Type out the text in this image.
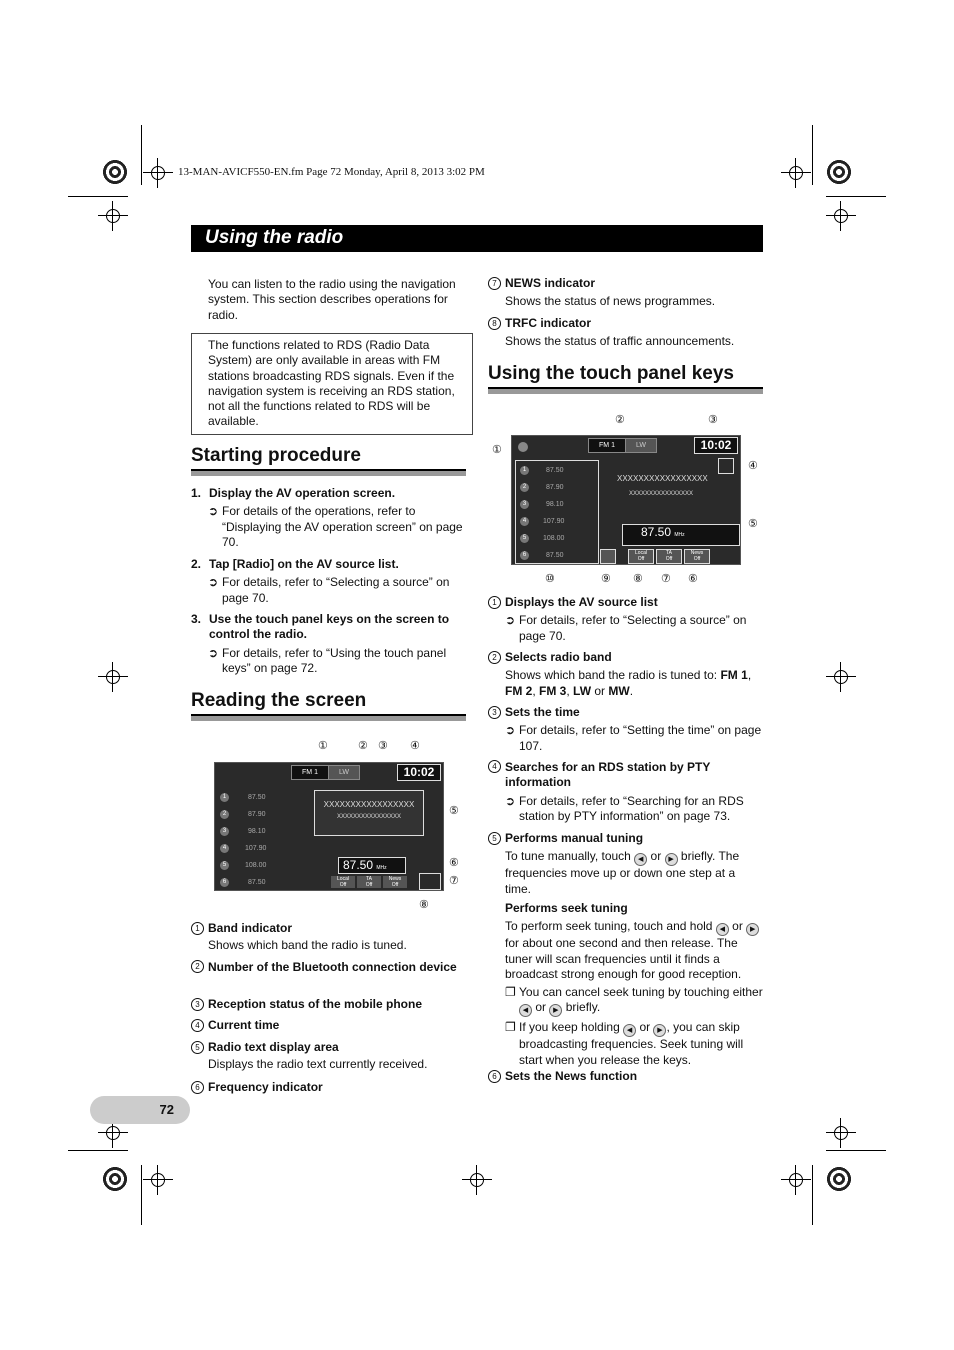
13-MAN-AVICF550-EN.fm Page 72 Monday, April 8, 2013 3:02 PM
Using the radio
You can listen to the radio using the navigation system. This section describes operations for radio.
The functions related to RDS (Radio Data System) are only available in areas with FM stations broadcasting RDS signals. Even if the navigation system is receiving an RDS station, not all the functions related to RDS will be available.
Starting procedure
1. Display the AV operation screen.
➲ For details of the operations, refer to “Displaying the AV operation screen” on page 70.
2. Tap [Radio] on the AV source list.
➲ For details, refer to “Selecting a source” on page 70.
3. Use the touch panel keys on the screen to control the radio.
➲ For details, refer to “Using the touch panel keys” on page 72.
Reading the screen
FM 1	LW	10:02
XXXXXXXXXXXXXXXXX
XXXXXXXXXXXXXXXX
87.50 MHz
1
2
3
4
5
6
87.50
87.90
98.10
107.90
108.00
87.50	Local
Off
TA
Off
News
Off
①	② ③ ④
⑤
⑥
⑦
⑧
1 Band indicator
Shows which band the radio is tuned.
2 Number of the Bluetooth connection device
3 Reception status of the mobile phone
4 Current time
5 Radio text display area
Displays the radio text currently received.
6 Frequency indicator
7 NEWS indicator
Shows the status of news programmes.
8 TRFC indicator
Shows the status of traffic announcements.
Using the touch panel keys
FM 1	LW	10:02
XXXXXXXXXXXXXXXXX
XXXXXXXXXXXXXXXX
87.50 MHz
1
2
3
4
5
6
87.50
87.90
98.10
107.90
108.00
87.50	Local
Off
TA
Off
News
Off
①
②	③
④
⑤
⑥
⑦
⑧
⑨
⑩
1 Displays the AV source list
➲ For details, refer to “Selecting a source” on page 70.
2 Selects radio band
Shows which band the radio is tuned to: FM 1, FM 2, FM 3, LW or MW.
3 Sets the time
➲ For details, refer to “Setting the time” on page 107.
4 Searches for an RDS station by PTY information
➲ For details, refer to “Searching for an RDS station by PTY information” on page 73.
5 Performs manual tuning
To tune manually, touch ◀ or ▶ briefly. The frequencies move up or down one step at a time.
Performs seek tuning
To perform seek tuning, touch and hold ◀ or ▶ for about one second and then release. The tuner will scan frequencies until it finds a broadcast strong enough for good reception.
❐ You can cancel seek tuning by touching either ◀ or ▶ briefly.
❐ If you keep holding ◀ or ▶ , you can skip broadcasting frequencies. Seek tuning will start when you release the keys.
6 Sets the News function
72
